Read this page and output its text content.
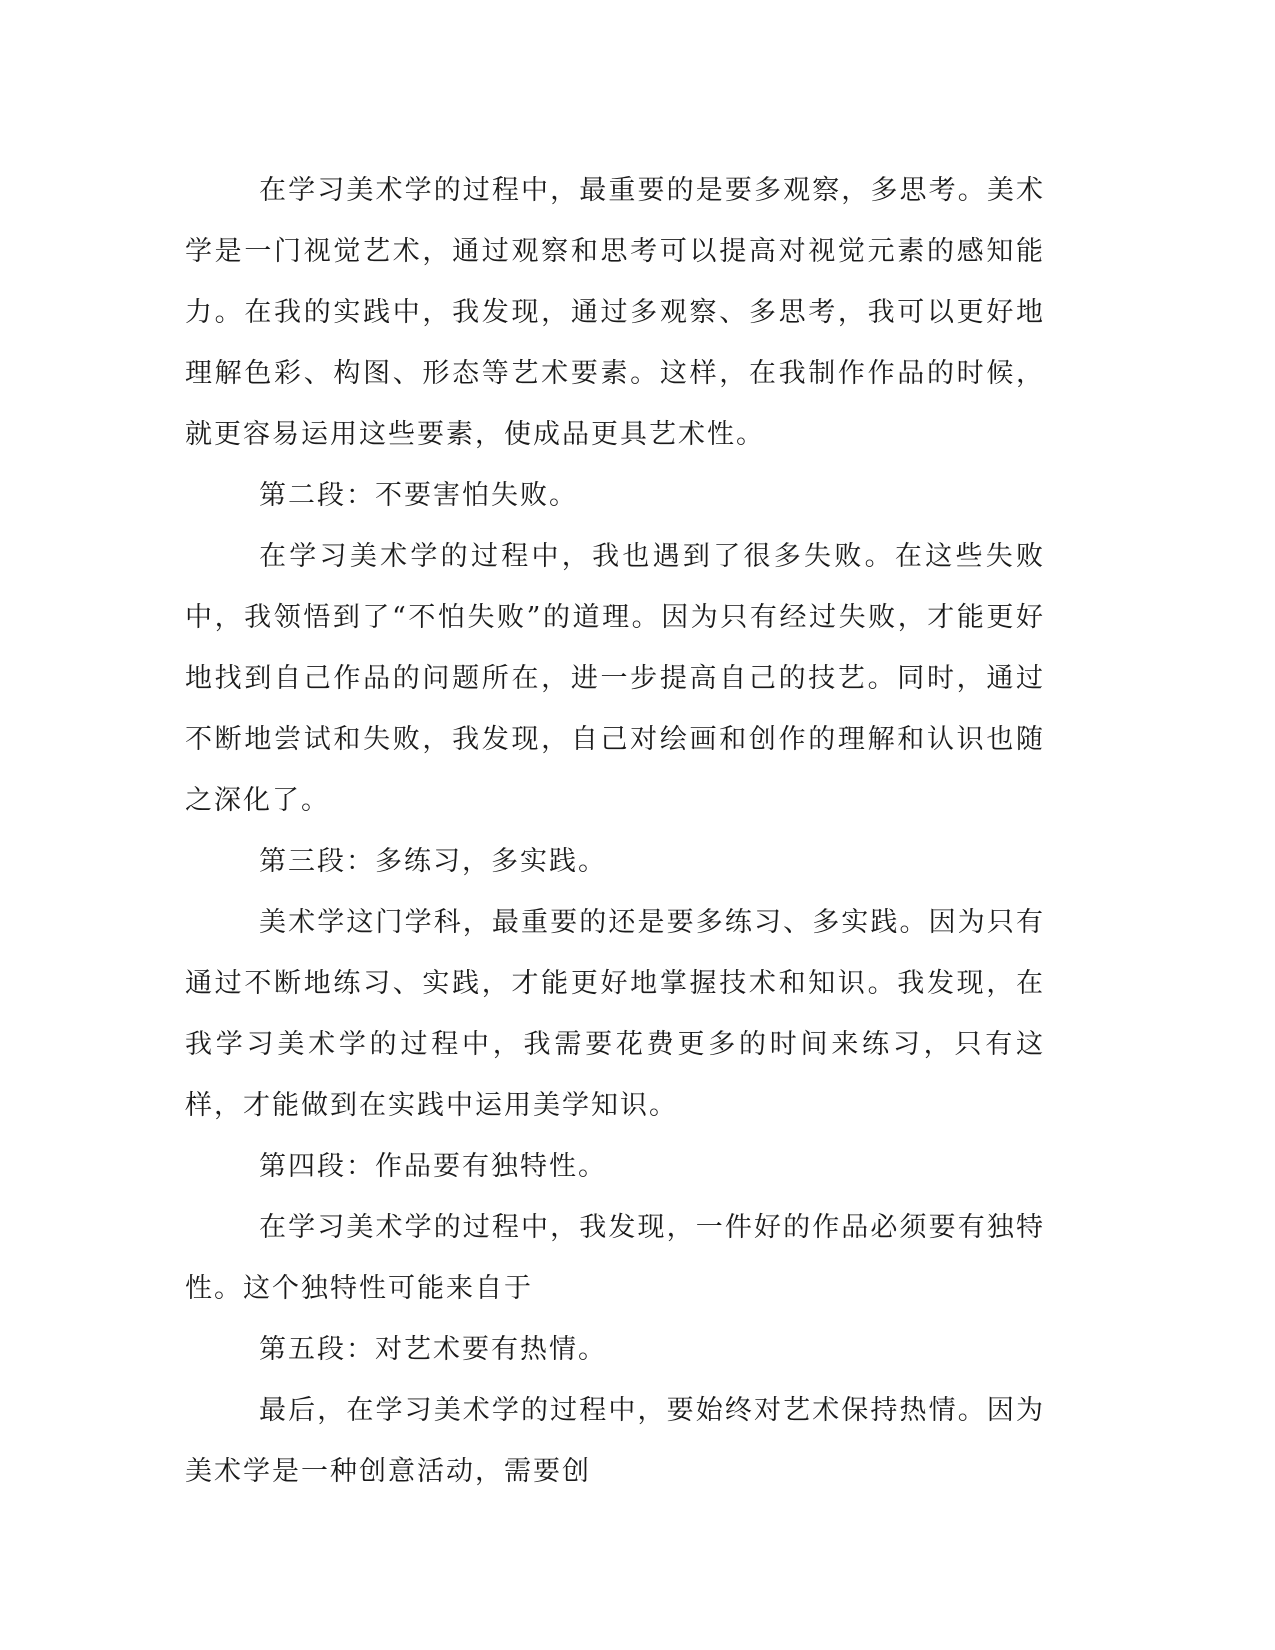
在学习美术学的过程中，最重要的是要多观察，多思考。美术学是一门视觉艺术，通过观察和思考可以提高对视觉元素的感知能力。在我的实践中，我发现，通过多观察、多思考，我可以更好地理解色彩、构图、形态等艺术要素。这样，在我制作作品的时候，就更容易运用这些要素，使成品更具艺术性。

第二段：不要害怕失败。

在学习美术学的过程中，我也遇到了很多失败。在这些失败中，我领悟到了“不怕失败”的道理。因为只有经过失败，才能更好地找到自己作品的问题所在，进一步提高自己的技艺。同时，通过不断地尝试和失败，我发现，自己对绘画和创作的理解和认识也随之深化了。

第三段：多练习，多实践。

美术学这门学科，最重要的还是要多练习、多实践。因为只有通过不断地练习、实践，才能更好地掌握技术和知识。我发现，在我学习美术学的过程中，我需要花费更多的时间来练习，只有这样，才能做到在实践中运用美学知识。

第四段：作品要有独特性。

在学习美术学的过程中，我发现，一件好的作品必须要有独特性。这个独特性可能来自于

第五段：对艺术要有热情。

最后，在学习美术学的过程中，要始终对艺术保持热情。因为美术学是一种创意活动，需要创
